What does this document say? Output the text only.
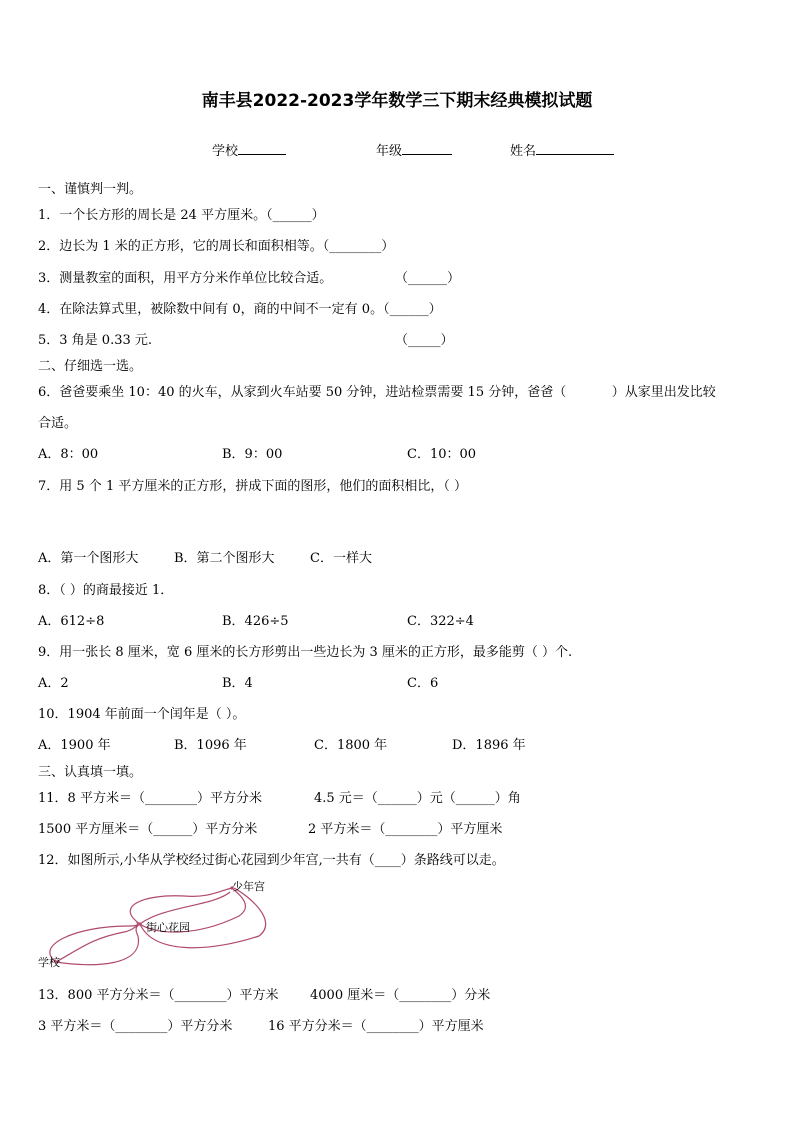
南丰县2022-2023学年数学三下期末经典模拟试题
学校	年级	姓名
一、谨慎判一判。
1．一个长方形的周长是 24 平方厘米。（______）
2．边长为 1 米的正方形，它的周长和面积相等。（________）
3．测量教室的面积，用平方分米作单位比较合适。	（______）
4．在除法算式里，被除数中间有 0，商的中间不一定有 0。（______）
5．3 角是 0.33 元.	（_____）
二、仔细选一选。
6．爸爸要乘坐 10：40 的火车，从家到火车站要 50 分钟，进站检票需要 15 分钟，爸爸（	）从家里出发比较
合适。
A．8：00	B．9：00	C．10：00
7．用 5 个 1 平方厘米的正方形，拼成下面的图形，他们的面积相比，（ ）
A．第一个图形大	B．第二个图形大	C．一样大
8．（ ）的商最接近 1．
A．612÷8	B．426÷5	C．322÷4
9．用一张长 8 厘米，宽 6 厘米的长方形剪出一些边长为 3 厘米的正方形，最多能剪（ ）个.
A．2	B．4	C．6
10．1904 年前面一个闰年是（ ）。
A．1900 年	B．1096 年	C．1800 年	D．1896 年
三、认真填一填。
11．8 平方米＝（________）平方分米	4.5 元＝（______）元（______）角
1500 平方厘米＝（______）平方分米	2 平方米＝（________）平方厘米
12．如图所示,小华从学校经过街心花园到少年宫,一共有（____）条路线可以走。
学校
街心花园
少年宫
13．800 平方分米＝（________）平方米 4000 厘米＝（________）分米
3 平方米＝（________）平方分米	16 平方分米＝（________）平方厘米
